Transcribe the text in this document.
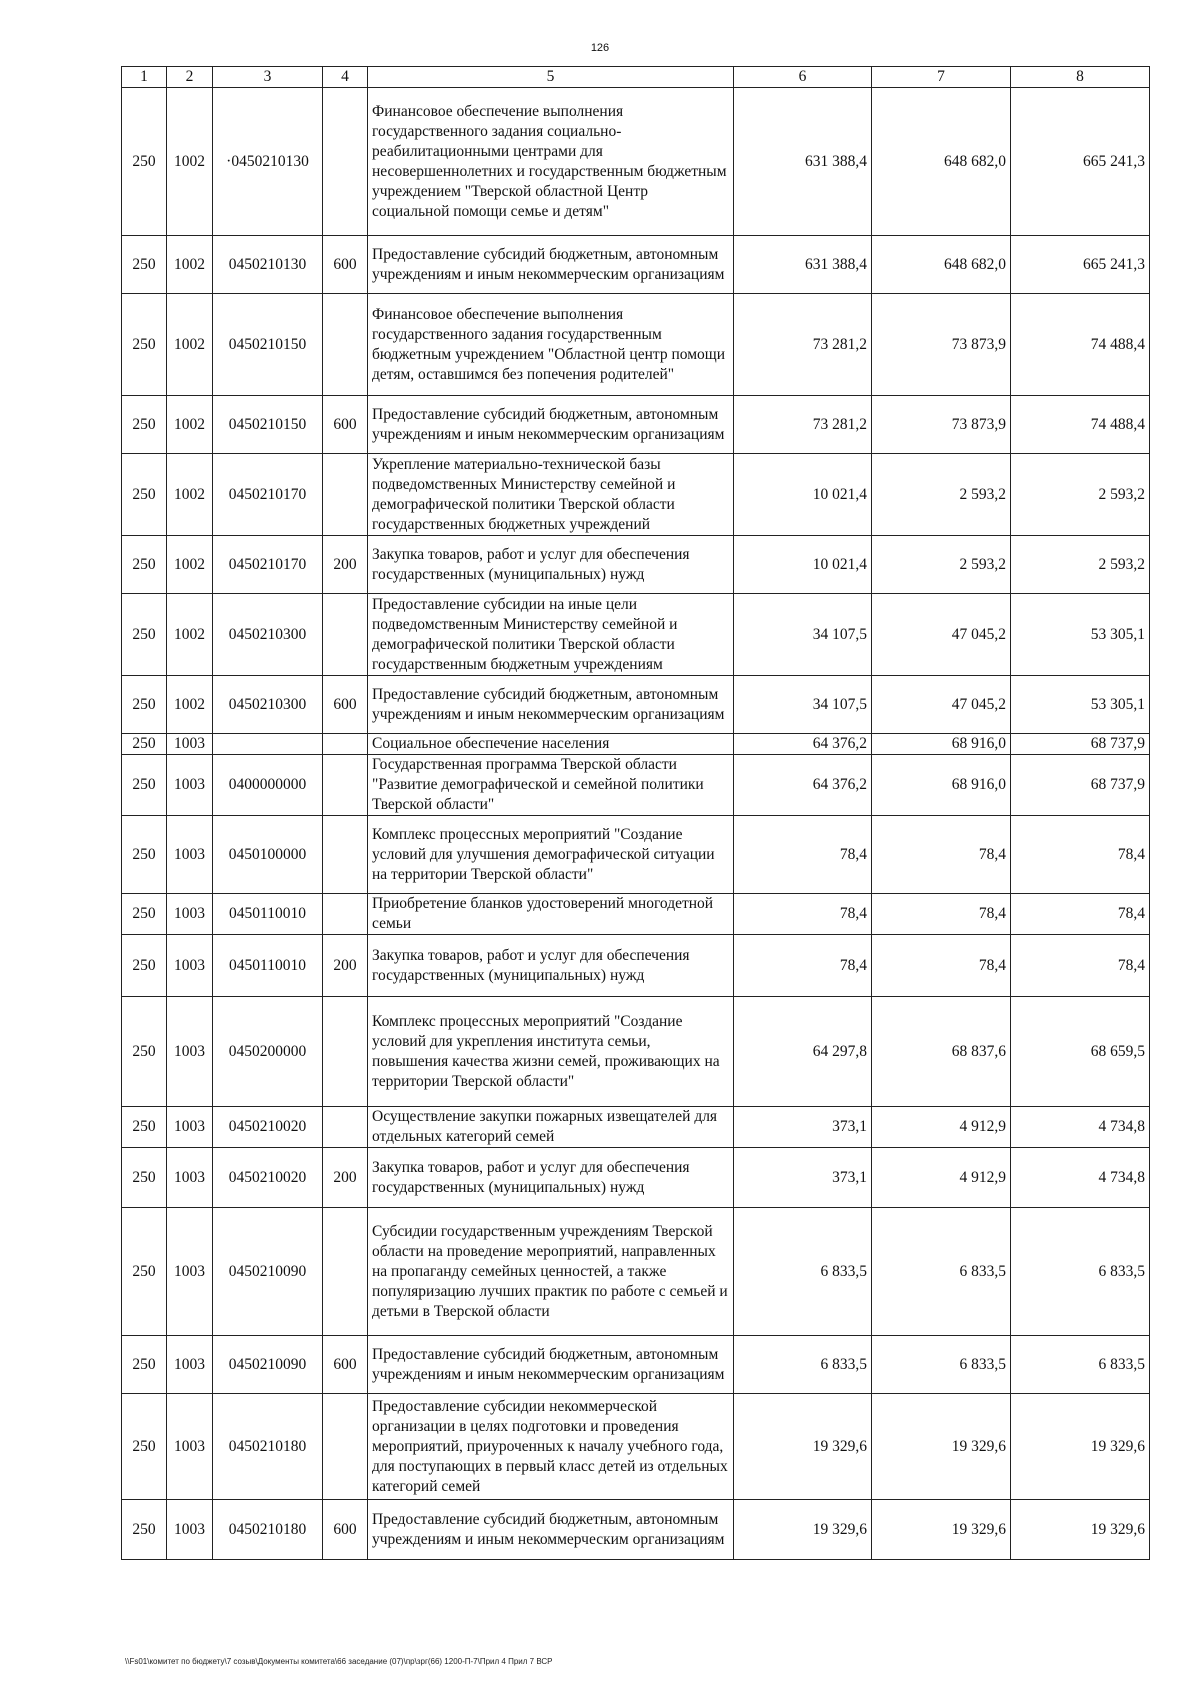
126
1	2	3	4	5	6	7	8
250	1002	·0450210130		Финансовое обеспечение выполнения государственного задания социально-реабилитационными центрами для несовершеннолетних и государственным бюджетным учреждением "Тверской областной Центр социальной помощи семье и детям"	631 388,4	648 682,0	665 241,3
250	1002	0450210130	600	Предоставление субсидий бюджетным, автономным учреждениям и иным некоммерческим организациям	631 388,4	648 682,0	665 241,3
250	1002	0450210150		Финансовое обеспечение выполнения государственного задания государственным бюджетным учреждением "Областной центр помощи детям, оставшимся без попечения родителей"	73 281,2	73 873,9	74 488,4
250	1002	0450210150	600	Предоставление субсидий бюджетным, автономным учреждениям и иным некоммерческим организациям	73 281,2	73 873,9	74 488,4
250	1002	0450210170		Укрепление материально-технической базы подведомственных Министерству семейной и демографической политики Тверской области государственных бюджетных учреждений	10 021,4	2 593,2	2 593,2
250	1002	0450210170	200	Закупка товаров, работ и услуг для обеспечения государственных (муниципальных) нужд	10 021,4	2 593,2	2 593,2
250	1002	0450210300		Предоставление субсидии на иные цели подведомственным Министерству семейной и демографической политики Тверской области государственным бюджетным учреждениям	34 107,5	47 045,2	53 305,1
250	1002	0450210300	600	Предоставление субсидий бюджетным, автономным учреждениям и иным некоммерческим организациям	34 107,5	47 045,2	53 305,1
250	1003			Социальное обеспечение населения	64 376,2	68 916,0	68 737,9
250	1003	0400000000		Государственная программа Тверской области "Развитие демографической и семейной политики Тверской области"	64 376,2	68 916,0	68 737,9
250	1003	0450100000		Комплекс процессных мероприятий "Создание условий для улучшения демографической ситуации на территории Тверской области"	78,4	78,4	78,4
250	1003	0450110010		Приобретение бланков удостоверений многодетной семьи	78,4	78,4	78,4
250	1003	0450110010	200	Закупка товаров, работ и услуг для обеспечения государственных (муниципальных) нужд	78,4	78,4	78,4
250	1003	0450200000		Комплекс процессных мероприятий "Создание условий для укрепления института семьи, повышения качества жизни семей, проживающих на территории Тверской области"	64 297,8	68 837,6	68 659,5
250	1003	0450210020		Осуществление закупки пожарных извещателей для отдельных категорий семей	373,1	4 912,9	4 734,8
250	1003	0450210020	200	Закупка товаров, работ и услуг для обеспечения государственных (муниципальных) нужд	373,1	4 912,9	4 734,8
250	1003	0450210090		Субсидии государственным учреждениям Тверской области на проведение мероприятий, направленных на пропаганду семейных ценностей, а также популяризацию лучших практик по работе с семьей и детьми в Тверской области	6 833,5	6 833,5	6 833,5
250	1003	0450210090	600	Предоставление субсидий бюджетным, автономным учреждениям и иным некоммерческим организациям	6 833,5	6 833,5	6 833,5
250	1003	0450210180		Предоставление субсидии некоммерческой организации в целях подготовки и проведения мероприятий, приуроченных к началу учебного года, для поступающих в первый класс детей из отдельных категорий семей	19 329,6	19 329,6	19 329,6
250	1003	0450210180	600	Предоставление субсидий бюджетным, автономным учреждениям и иным некоммерческим организациям	19 329,6	19 329,6	19 329,6
\\Fs01\комитет по бюджету\7 созыв\Документы комитета\66 заседание (07)\пр\зрг(66) 1200-П-7\Прил 4 Прил 7 ВСР
